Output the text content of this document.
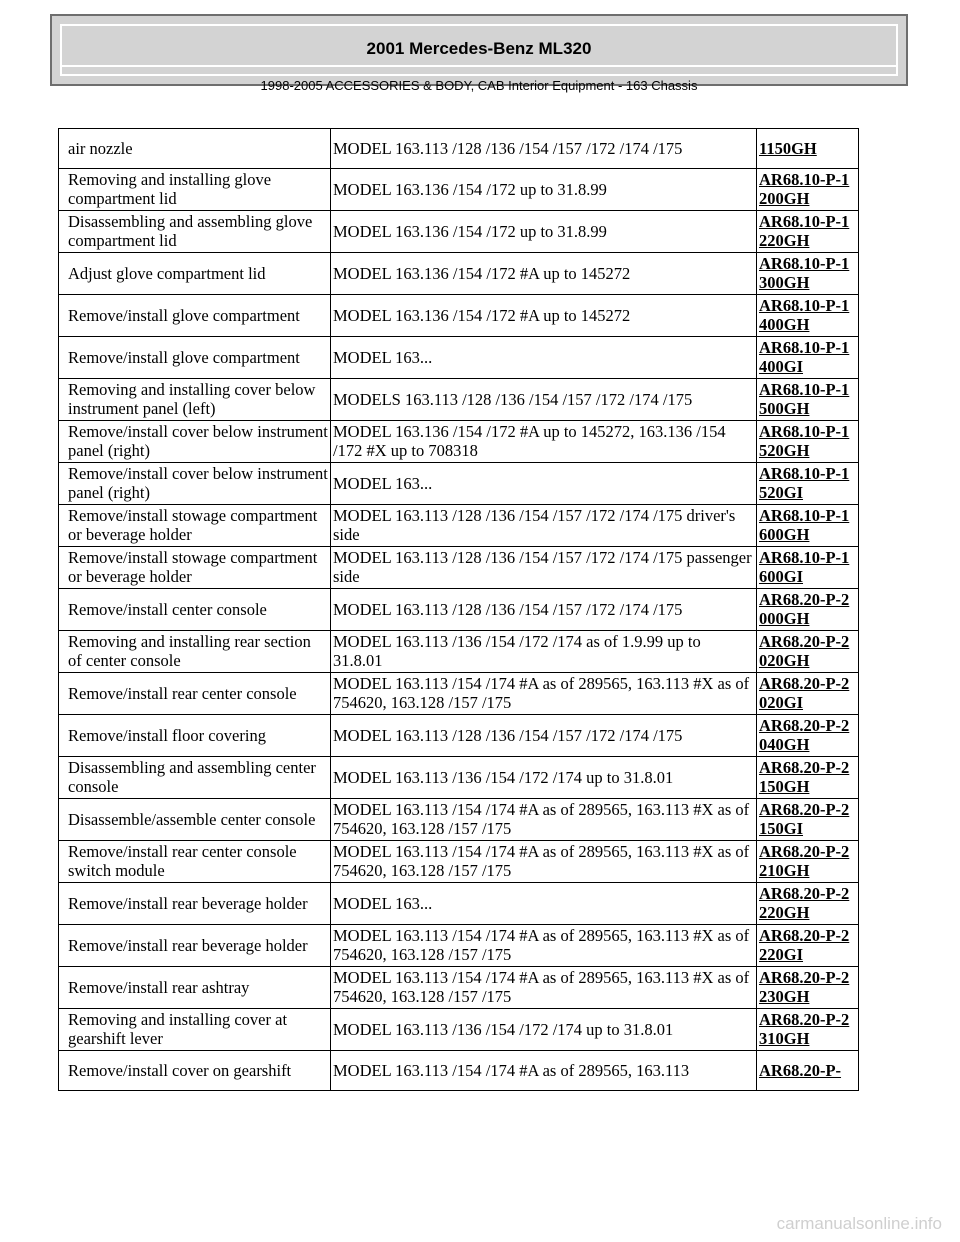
2001 Mercedes-Benz ML320
1998-2005 ACCESSORIES & BODY, CAB Interior Equipment - 163 Chassis
air nozzle	MODEL 163.113 /128 /136 /154 /157 /172 /174 /175	1150GH

Removing and installing glove compartment lid	MODEL 163.136 /154 /172 up to 31.8.99	AR68.10-P-1200GH

Disassembling and assembling glove compartment lid	MODEL 163.136 /154 /172 up to 31.8.99	AR68.10-P-1220GH

Adjust glove compartment lid	MODEL 163.136 /154 /172 #A up to 145272	AR68.10-P-1300GH

Remove/install glove compartment	MODEL 163.136 /154 /172 #A up to 145272	AR68.10-P-1400GH

Remove/install glove compartment	MODEL 163...	AR68.10-P-1400GI

Removing and installing cover below instrument panel (left)	MODELS 163.113 /128 /136 /154 /157 /172 /174 /175	AR68.10-P-1500GH

Remove/install cover below instrument panel (right)	MODEL 163.136 /154 /172 #A up to 145272, 163.136 /154 /172 #X up to 708318	AR68.10-P-1520GH

Remove/install cover below instrument panel (right)	MODEL 163...	AR68.10-P-1520GI

Remove/install stowage compartment or beverage holder	MODEL 163.113 /128 /136 /154 /157 /172 /174 /175 driver's side	AR68.10-P-1600GH

Remove/install stowage compartment or beverage holder	MODEL 163.113 /128 /136 /154 /157 /172 /174 /175 passenger side	AR68.10-P-1600GI

Remove/install center console	MODEL 163.113 /128 /136 /154 /157 /172 /174 /175	AR68.20-P-2000GH

Removing and installing rear section of center console	MODEL 163.113 /136 /154 /172 /174 as of 1.9.99 up to 31.8.01	AR68.20-P-2020GH

Remove/install rear center console	MODEL 163.113 /154 /174 #A as of 289565, 163.113 #X as of 754620, 163.128 /157 /175	AR68.20-P-2020GI

Remove/install floor covering	MODEL 163.113 /128 /136 /154 /157 /172 /174 /175	AR68.20-P-2040GH

Disassembling and assembling center console	MODEL 163.113 /136 /154 /172 /174 up to 31.8.01	AR68.20-P-2150GH

Disassemble/assemble center console	MODEL 163.113 /154 /174 #A as of 289565, 163.113 #X as of 754620, 163.128 /157 /175	AR68.20-P-2150GI

Remove/install rear center console switch module	MODEL 163.113 /154 /174 #A as of 289565, 163.113 #X as of 754620, 163.128 /157 /175	AR68.20-P-2210GH

Remove/install rear beverage holder	MODEL 163...	AR68.20-P-2220GH

Remove/install rear beverage holder	MODEL 163.113 /154 /174 #A as of 289565, 163.113 #X as of 754620, 163.128 /157 /175	AR68.20-P-2220GI

Remove/install rear ashtray	MODEL 163.113 /154 /174 #A as of 289565, 163.113 #X as of 754620, 163.128 /157 /175	AR68.20-P-2230GH

Removing and installing cover at gearshift lever	MODEL 163.113 /136 /154 /172 /174 up to 31.8.01	AR68.20-P-2310GH

Remove/install cover on gearshift	MODEL 163.113 /154 /174 #A as of 289565, 163.113	AR68.20-P-
carmanualsonline.info
